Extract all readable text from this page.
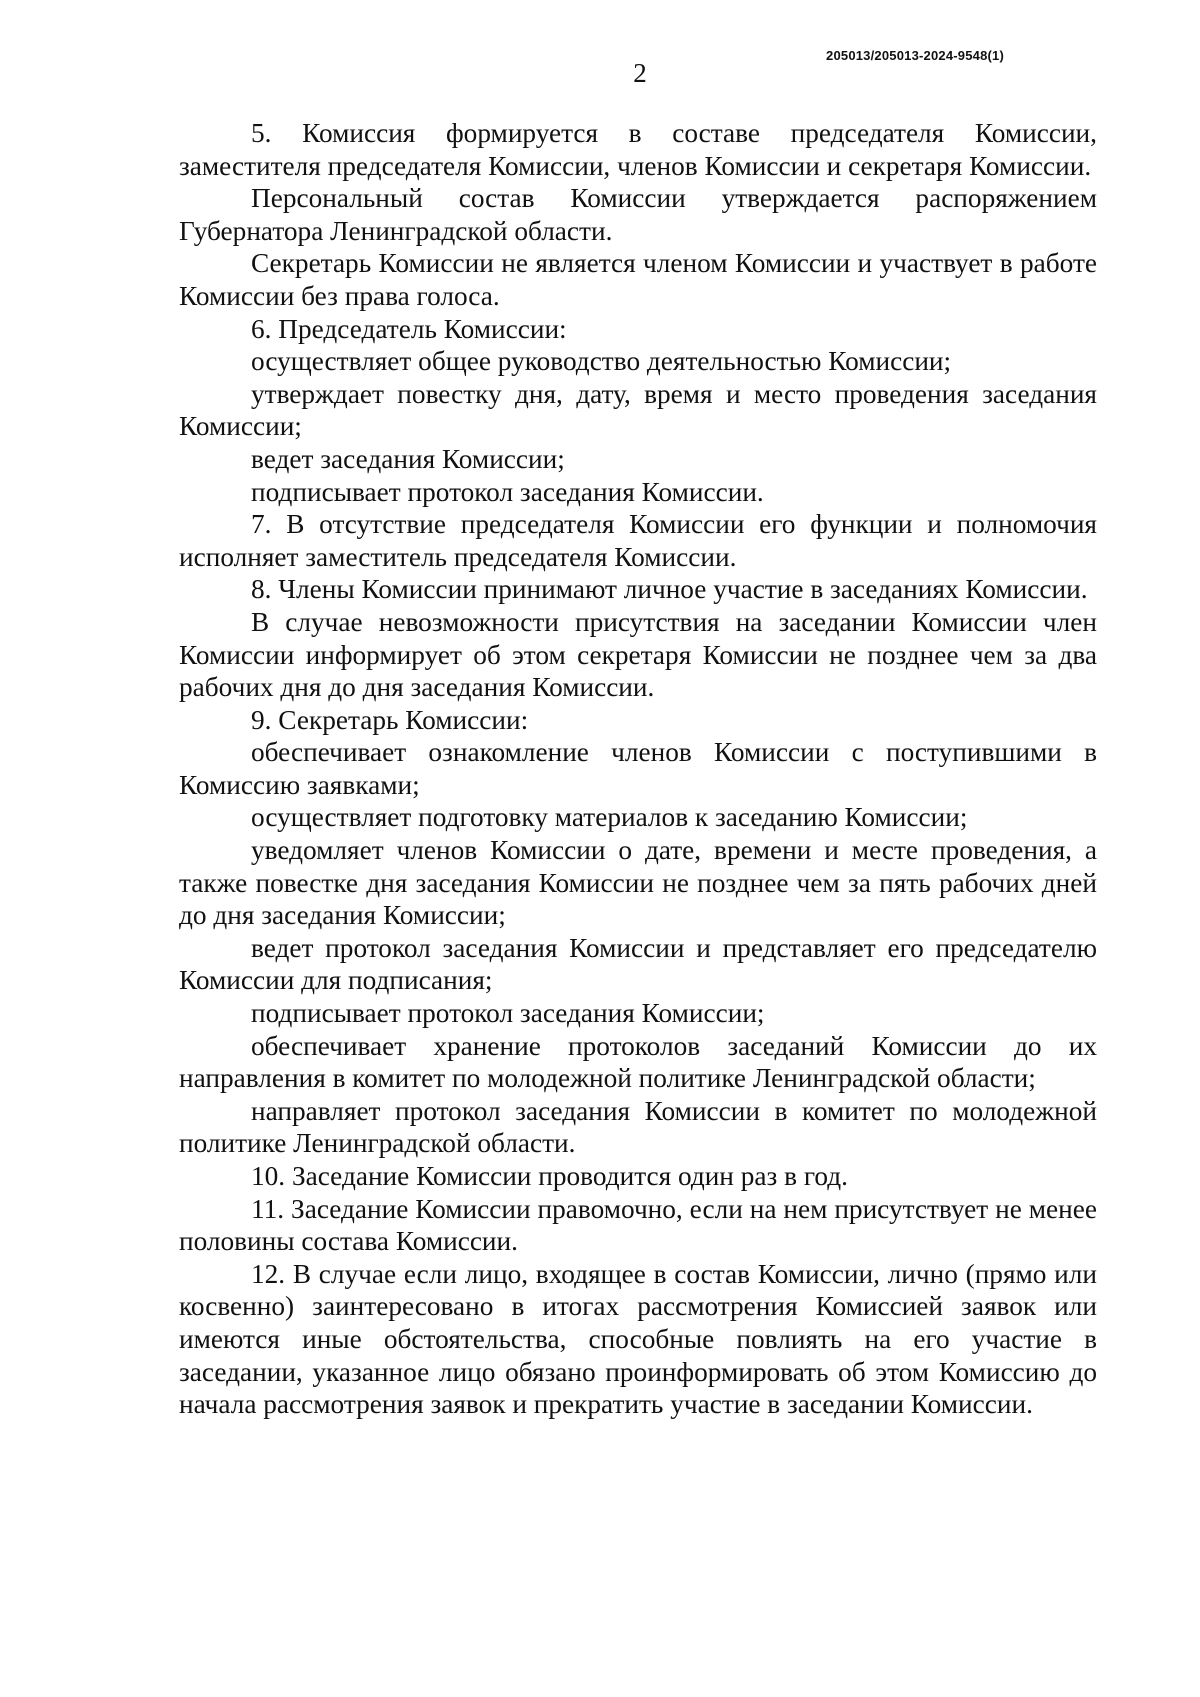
205013/205013-2024-9548(1)
2

5. Комиссия формируется в составе председателя Комиссии, заместителя председателя Комиссии, членов Комиссии и секретаря Комиссии.

Персональный состав Комиссии утверждается распоряжением Губернатора Ленинградской области.

Секретарь Комиссии не является членом Комиссии и участвует в работе Комиссии без права голоса.

6. Председатель Комиссии:

осуществляет общее руководство деятельностью Комиссии;

утверждает повестку дня, дату, время и место проведения заседания Комиссии;

ведет заседания Комиссии;

подписывает протокол заседания Комиссии.

7. В отсутствие председателя Комиссии его функции и полномочия исполняет заместитель председателя Комиссии.

8. Члены Комиссии принимают личное участие в заседаниях Комиссии.

В случае невозможности присутствия на заседании Комиссии член Комиссии информирует об этом секретаря Комиссии не позднее чем за два рабочих дня до дня заседания Комиссии.

9. Секретарь Комиссии:

обеспечивает ознакомление членов Комиссии с поступившими в Комиссию заявками;

осуществляет подготовку материалов к заседанию Комиссии;

уведомляет членов Комиссии о дате, времени и месте проведения, а также повестке дня заседания Комиссии не позднее чем за пять рабочих дней до дня заседания Комиссии;

ведет протокол заседания Комиссии и представляет его председателю Комиссии для подписания;

подписывает протокол заседания Комиссии;

обеспечивает хранение протоколов заседаний Комиссии до их направления в комитет по молодежной политике Ленинградской области;

направляет протокол заседания Комиссии в комитет по молодежной политике Ленинградской области.

10. Заседание Комиссии проводится один раз в год.

11. Заседание Комиссии правомочно, если на нем присутствует не менее половины состава Комиссии.

12. В случае если лицо, входящее в состав Комиссии, лично (прямо или косвенно) заинтересовано в итогах рассмотрения Комиссией заявок или имеются иные обстоятельства, способные повлиять на его участие в заседании, указанное лицо обязано проинформировать об этом Комиссию до начала рассмотрения заявок и прекратить участие в заседании Комиссии.
